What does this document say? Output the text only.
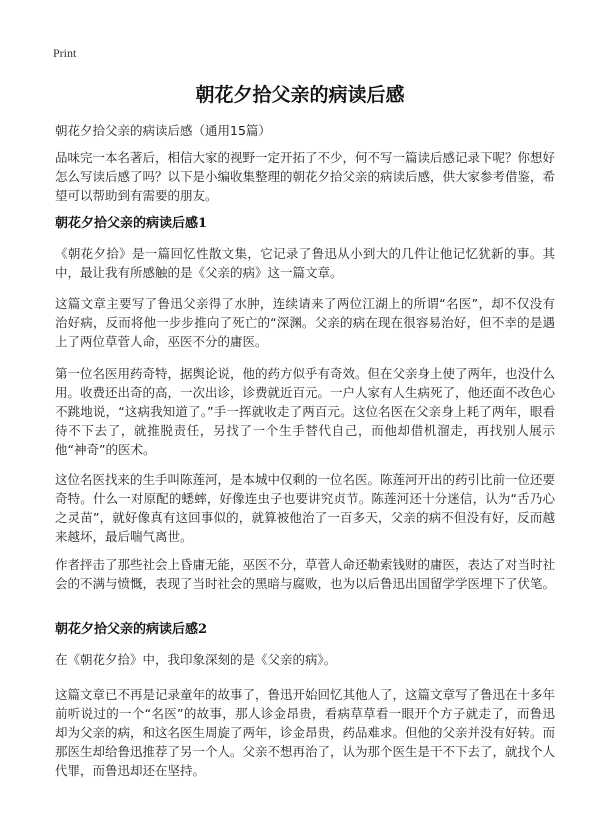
Print
朝花夕拾父亲的病读后感

朝花夕拾父亲的病读后感（通用15篇）

品味完一本名著后，相信大家的视野一定开拓了不少，何不写一篇读后感记录下呢？你想好怎么写读后感了吗？以下是小编收集整理的朝花夕拾父亲的病读后感，供大家参考借鉴，希望可以帮助到有需要的朋友。

朝花夕拾父亲的病读后感1

《朝花夕拾》是一篇回忆性散文集，它记录了鲁迅从小到大的几件让他记忆犹新的事。其中，最让我有所感触的是《父亲的病》这一篇文章。

这篇文章主要写了鲁迅父亲得了水肿，连续请来了两位江湖上的所谓“名医”，却不仅没有治好病，反而将他一步步推向了死亡的“深渊。父亲的病在现在很容易治好，但不幸的是遇上了两位草菅人命，巫医不分的庸医。

第一位名医用药奇特，据舆论说，他的药方似乎有奇效。但在父亲身上使了两年，也没什么用。收费还出奇的高，一次出诊，诊费就近百元。一户人家有人生病死了，他还面不改色心不跳地说，“这病我知道了。”手一挥就收走了两百元。这位名医在父亲身上耗了两年，眼看待不下去了，就推脱责任，另找了一个生手替代自己，而他却借机溜走，再找别人展示他“神奇”的医术。

这位名医找来的生手叫陈莲河，是本城中仅剩的一位名医。陈莲河开出的药引比前一位还要奇特。什么一对原配的蟋蟀，好像连虫子也要讲究贞节。陈莲河还十分迷信，认为“舌乃心之灵苗”，就好像真有这回事似的，就算被他治了一百多天，父亲的病不但没有好，反而越来越坏，最后喘气离世。

作者抨击了那些社会上昏庸无能，巫医不分，草菅人命还勒索钱财的庸医，表达了对当时社会的不满与愤慨，表现了当时社会的黑暗与腐败，也为以后鲁迅出国留学学医埋下了伏笔。

朝花夕拾父亲的病读后感2

在《朝花夕拾》中，我印象深刻的是《父亲的病》。

这篇文章已不再是记录童年的故事了，鲁迅开始回忆其他人了，这篇文章写了鲁迅在十多年前听说过的一个“名医”的故事，那人诊金昂贵，看病草草看一眼开个方子就走了，而鲁迅却为父亲的病，和这名医生周旋了两年，诊金昂贵，药品难求。但他的父亲并没有好转。而那医生却给鲁迅推荐了另一个人。父亲不想再治了，认为那个医生是干不下去了，就找个人代罪，而鲁迅却还在坚持。
